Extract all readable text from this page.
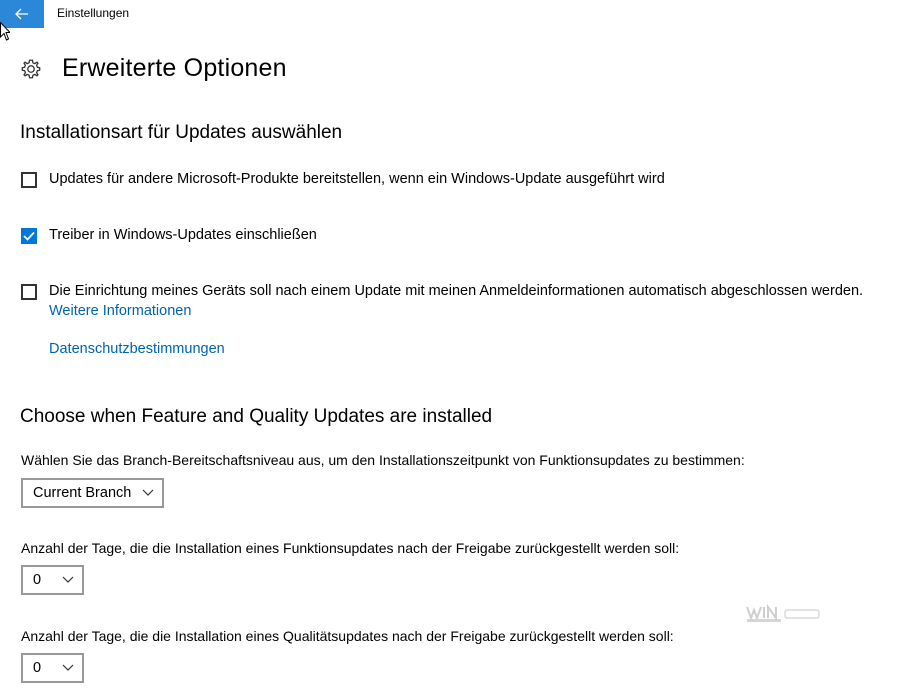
Einstellungen
Erweiterte Optionen
Installationsart für Updates auswählen
Updates für andere Microsoft-Produkte bereitstellen, wenn ein Windows-Update ausgeführt wird
Treiber in Windows-Updates einschließen
Die Einrichtung meines Geräts soll nach einem Update mit meinen Anmeldeinformationen automatisch abgeschlossen werden.
Weitere Informationen
Datenschutzbestimmungen
Choose when Feature and Quality Updates are installed
Wählen Sie das Branch-Bereitschaftsniveau aus, um den Installationszeitpunkt von Funktionsupdates zu bestimmen:
Current Branch
Anzahl der Tage, die die Installation eines Funktionsupdates nach der Freigabe zurückgestellt werden soll:
0
Anzahl der Tage, die die Installation eines Qualitätsupdates nach der Freigabe zurückgestellt werden soll:
0
